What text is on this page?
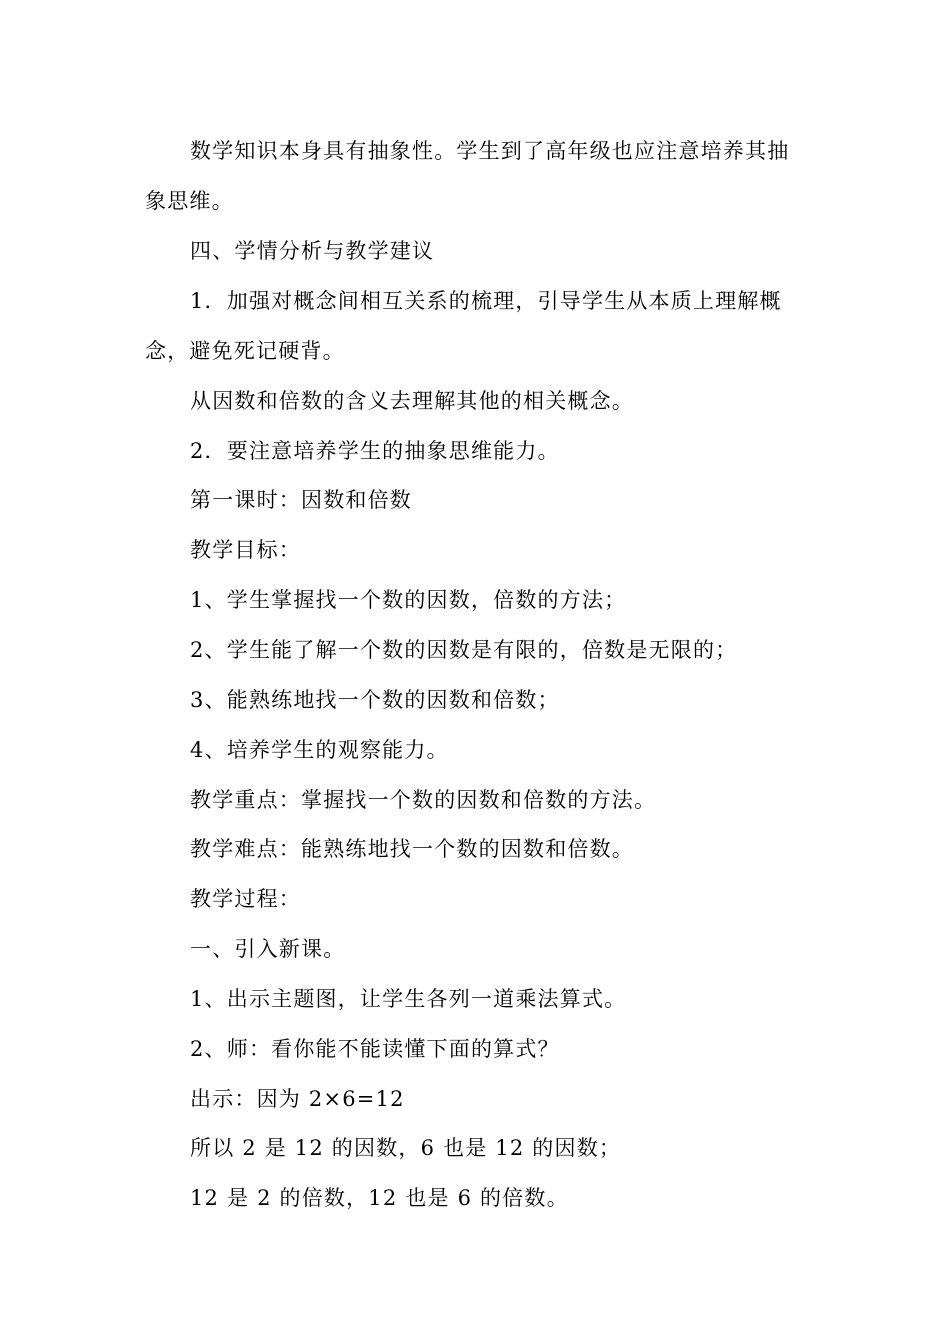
数学知识本身具有抽象性。学生到了高年级也应注意培养其抽
象思维。
四、学情分析与教学建议
1．加强对概念间相互关系的梳理，引导学生从本质上理解概
念，避免死记硬背。
从因数和倍数的含义去理解其他的相关概念。
2．要注意培养学生的抽象思维能力。
第一课时：因数和倍数
教学目标：
1、学生掌握找一个数的因数，倍数的方法；
2、学生能了解一个数的因数是有限的，倍数是无限的；
3、能熟练地找一个数的因数和倍数；
4、培养学生的观察能力。
教学重点：掌握找一个数的因数和倍数的方法。
教学难点：能熟练地找一个数的因数和倍数。
教学过程：
一、引入新课。
1、出示主题图，让学生各列一道乘法算式。
2、师：看你能不能读懂下面的算式？
出示：因为 2×6=12
所以 2 是 12 的因数，6 也是 12 的因数；
12 是 2 的倍数，12 也是 6 的倍数。
